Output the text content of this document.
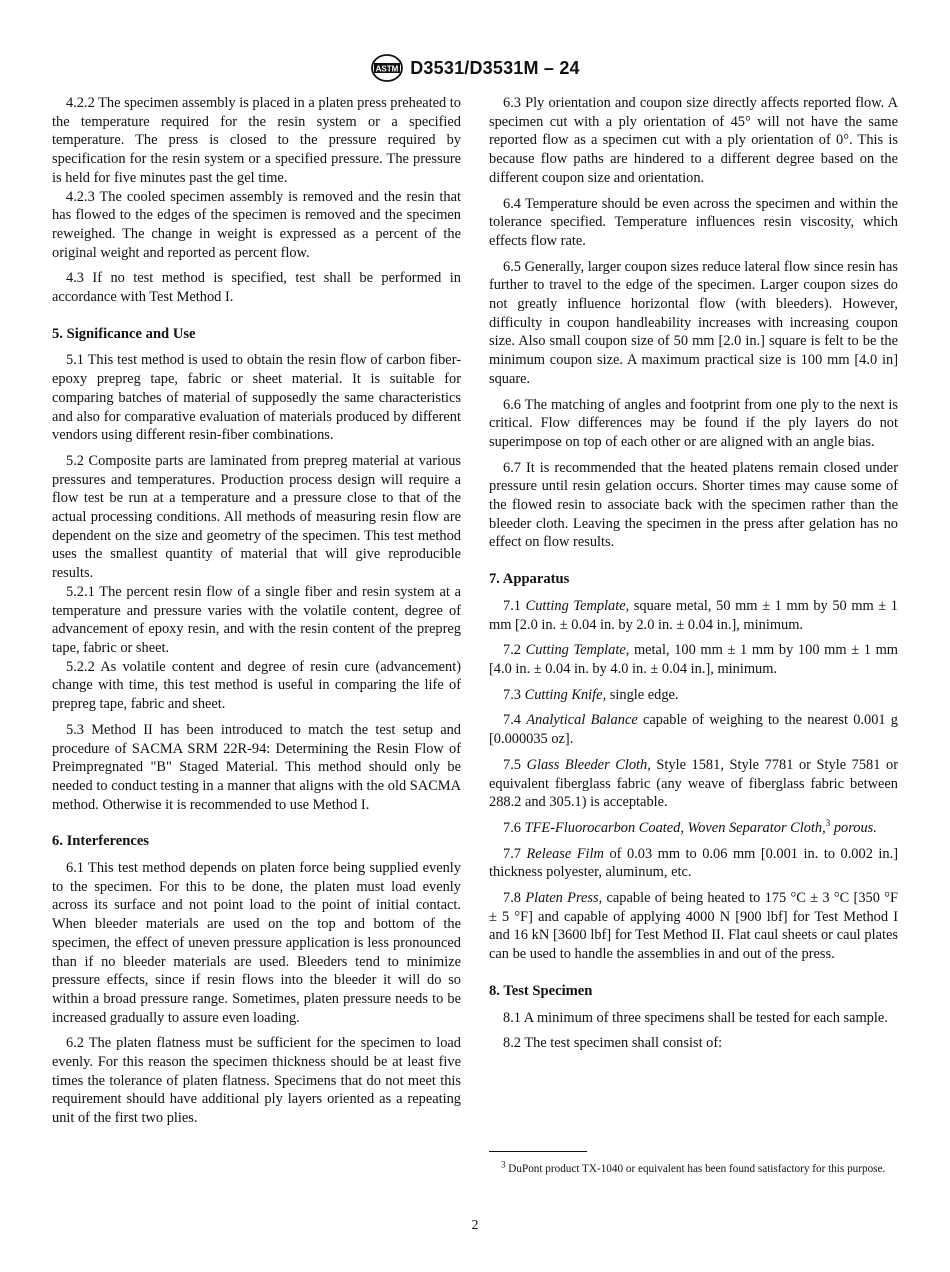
ASTM D3531/D3531M – 24

4.2.2 The specimen assembly is placed in a platen press preheated to the temperature required for the resin system or a specified temperature. The press is closed to the pressure required by specification for the resin system or a specified pressure. The pressure is held for five minutes past the gel time.

4.2.3 The cooled specimen assembly is removed and the resin that has flowed to the edges of the specimen is removed and the specimen reweighed. The change in weight is expressed as a percent of the original weight and reported as percent flow.

4.3 If no test method is specified, test shall be performed in accordance with Test Method I.

5. Significance and Use

5.1 This test method is used to obtain the resin flow of carbon fiber-epoxy prepreg tape, fabric or sheet material. It is suitable for comparing batches of material of supposedly the same characteristics and also for comparative evaluation of materials produced by different vendors using different resin-fiber combinations.

5.2 Composite parts are laminated from prepreg material at various pressures and temperatures. Production process design will require a flow test be run at a temperature and a pressure close to that of the actual processing conditions. All methods of measuring resin flow are dependent on the size and geometry of the specimen. This test method uses the smallest quantity of material that will give reproducible results.

5.2.1 The percent resin flow of a single fiber and resin system at a temperature and pressure varies with the volatile content, degree of advancement of epoxy resin, and with the resin content of the prepreg tape, fabric or sheet.

5.2.2 As volatile content and degree of resin cure (advancement) change with time, this test method is useful in comparing the life of prepreg tape, fabric and sheet.

5.3 Method II has been introduced to match the test setup and procedure of SACMA SRM 22R-94: Determining the Resin Flow of Preimpregnated "B" Staged Material. This method should only be needed to conduct testing in a manner that aligns with the old SACMA method. Otherwise it is recommended to use Method I.

6. Interferences

6.1 This test method depends on platen force being supplied evenly to the specimen. For this to be done, the platen must load evenly across its surface and not point load to the point of initial contact. When bleeder materials are used on the top and bottom of the specimen, the effect of uneven pressure application is less pronounced than if no bleeder materials are used. Bleeders tend to minimize pressure effects, since if resin flows into the bleeder it will do so within a broad pressure range. Sometimes, platen pressure needs to be increased gradually to assure even loading.

6.2 The platen flatness must be sufficient for the specimen to load evenly. For this reason the specimen thickness should be at least five times the tolerance of platen flatness. Specimens that do not meet this requirement should have additional ply layers oriented as a repeating unit of the first two plies.

6.3 Ply orientation and coupon size directly affects reported flow. A specimen cut with a ply orientation of 45° will not have the same reported flow as a specimen cut with a ply orientation of 0°. This is because flow paths are hindered to a different degree based on the different coupon size and orientation.

6.4 Temperature should be even across the specimen and within the tolerance specified. Temperature influences resin viscosity, which effects flow rate.

6.5 Generally, larger coupon sizes reduce lateral flow since resin has further to travel to the edge of the specimen. Larger coupon sizes do not greatly influence horizontal flow (with bleeders). However, difficulty in coupon handleability increases with increasing coupon size. Also small coupon size of 50 mm [2.0 in.] square is felt to be the minimum coupon size. A maximum practical size is 100 mm [4.0 in] square.

6.6 The matching of angles and footprint from one ply to the next is critical. Flow differences may be found if the ply layers do not superimpose on top of each other or are aligned with an angle bias.

6.7 It is recommended that the heated platens remain closed under pressure until resin gelation occurs. Shorter times may cause some of the flowed resin to associate back with the specimen rather than the bleeder cloth. Leaving the specimen in the press after gelation has no effect on flow results.

7. Apparatus

7.1 Cutting Template, square metal, 50 mm ± 1 mm by 50 mm ± 1 mm [2.0 in. ± 0.04 in. by 2.0 in. ± 0.04 in.], minimum.

7.2 Cutting Template, metal, 100 mm ± 1 mm by 100 mm ± 1 mm [4.0 in. ± 0.04 in. by 4.0 in. ± 0.04 in.], minimum.

7.3 Cutting Knife, single edge.

7.4 Analytical Balance capable of weighing to the nearest 0.001 g [0.000035 oz].

7.5 Glass Bleeder Cloth, Style 1581, Style 7781 or Style 7581 or equivalent fiberglass fabric (any weave of fiberglass fabric between 288.2 and 305.1) is acceptable.

7.6 TFE-Fluorocarbon Coated, Woven Separator Cloth,$^3$ porous.

7.7 Release Film of 0.03 mm to 0.06 mm [0.001 in. to 0.002 in.] thickness polyester, aluminum, etc.

7.8 Platen Press, capable of being heated to 175 °C ± 3 °C [350 °F ± 5 °F] and capable of applying 4000 N [900 lbf] for Test Method I and 16 kN [3600 lbf] for Test Method II. Flat caul sheets or caul plates can be used to handle the assemblies in and out of the press.

8. Test Specimen

8.1 A minimum of three specimens shall be tested for each sample.

8.2 The test specimen shall consist of:

$^3$ DuPont product TX-1040 or equivalent has been found satisfactory for this purpose.

2
